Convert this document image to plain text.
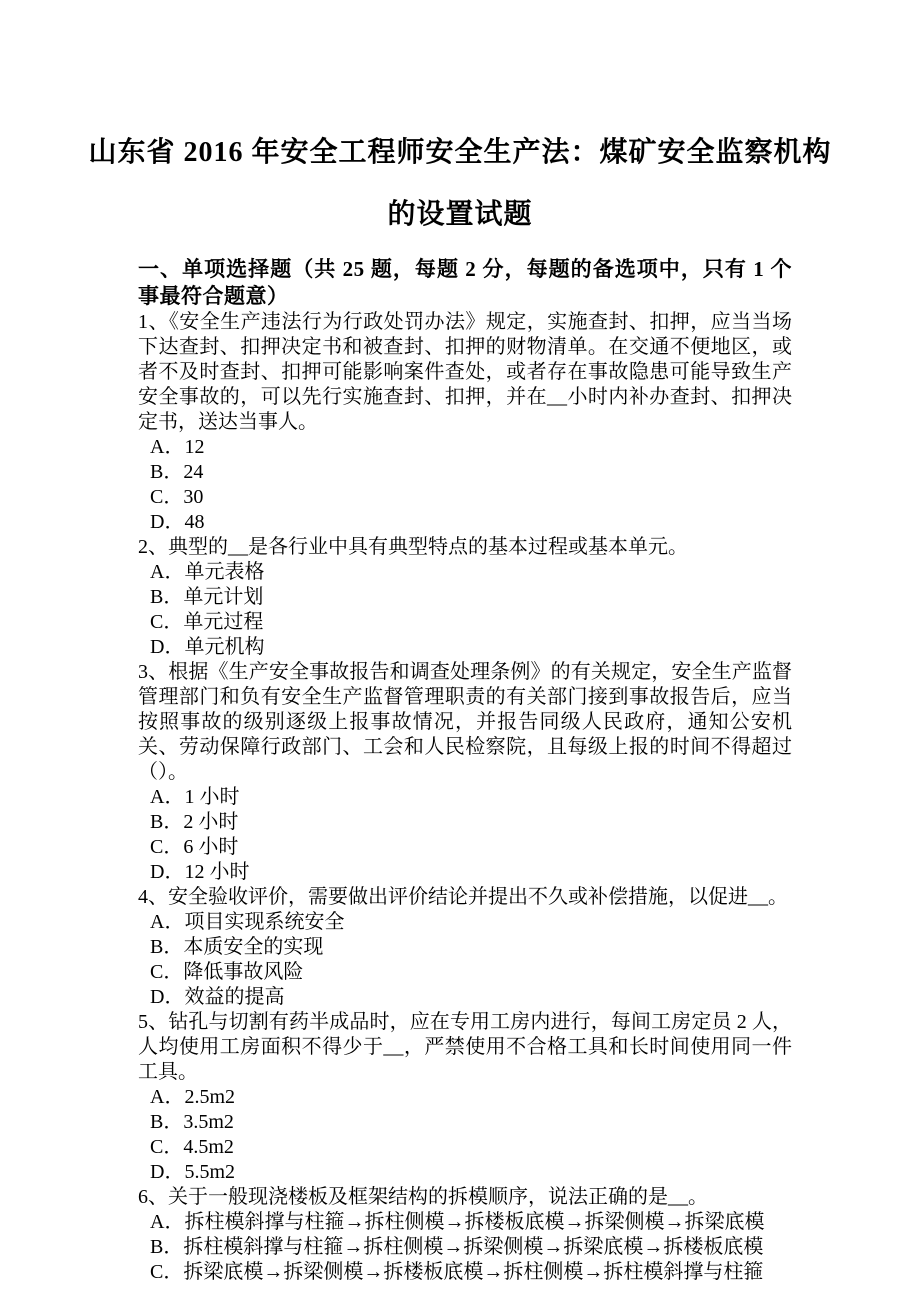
山东省 2016 年安全工程师安全生产法：煤矿安全监察机构
的设置试题
一、单项选择题（共 25 题，每题 2 分，每题的备选项中，只有 1 个事最符合题意）

1、《安全生产违法行为行政处罚办法》规定，实施查封、扣押，应当当场下达查封、扣押决定书和被查封、扣押的财物清单。在交通不便地区，或者不及时查封、扣押可能影响案件查处，或者存在事故隐患可能导致生产安全事故的，可以先行实施查封、扣押，并在__小时内补办查封、扣押决定书，送达当事人。

A．12
B．24
C．30
D．48

2、典型的__是各行业中具有典型特点的基本过程或基本单元。

A．单元表格
B．单元计划
C．单元过程
D．单元机构

3、根据《生产安全事故报告和调查处理条例》的有关规定，安全生产监督管理部门和负有安全生产监督管理职责的有关部门接到事故报告后，应当按照事故的级别逐级上报事故情况，并报告同级人民政府，通知公安机关、劳动保障行政部门、工会和人民检察院，且每级上报的时间不得超过（）。

A．1 小时
B．2 小时
C．6 小时
D．12 小时

4、安全验收评价，需要做出评价结论并提出不久或补偿措施，以促进__。

A．项目实现系统安全
B．本质安全的实现
C．降低事故风险
D．效益的提高

5、钻孔与切割有药半成品时，应在专用工房内进行，每间工房定员 2 人，人均使用工房面积不得少于__，严禁使用不合格工具和长时间使用同一件工具。

A．2.5m2
B．3.5m2
C．4.5m2
D．5.5m2

6、关于一般现浇楼板及框架结构的拆模顺序，说法正确的是__。

A．拆柱模斜撑与柱箍→拆柱侧模→拆楼板底模→拆梁侧模→拆梁底模
B．拆柱模斜撑与柱箍→拆柱侧模→拆梁侧模→拆梁底模→拆楼板底模
C．拆梁底模→拆梁侧模→拆楼板底模→拆柱侧模→拆柱模斜撑与柱箍
